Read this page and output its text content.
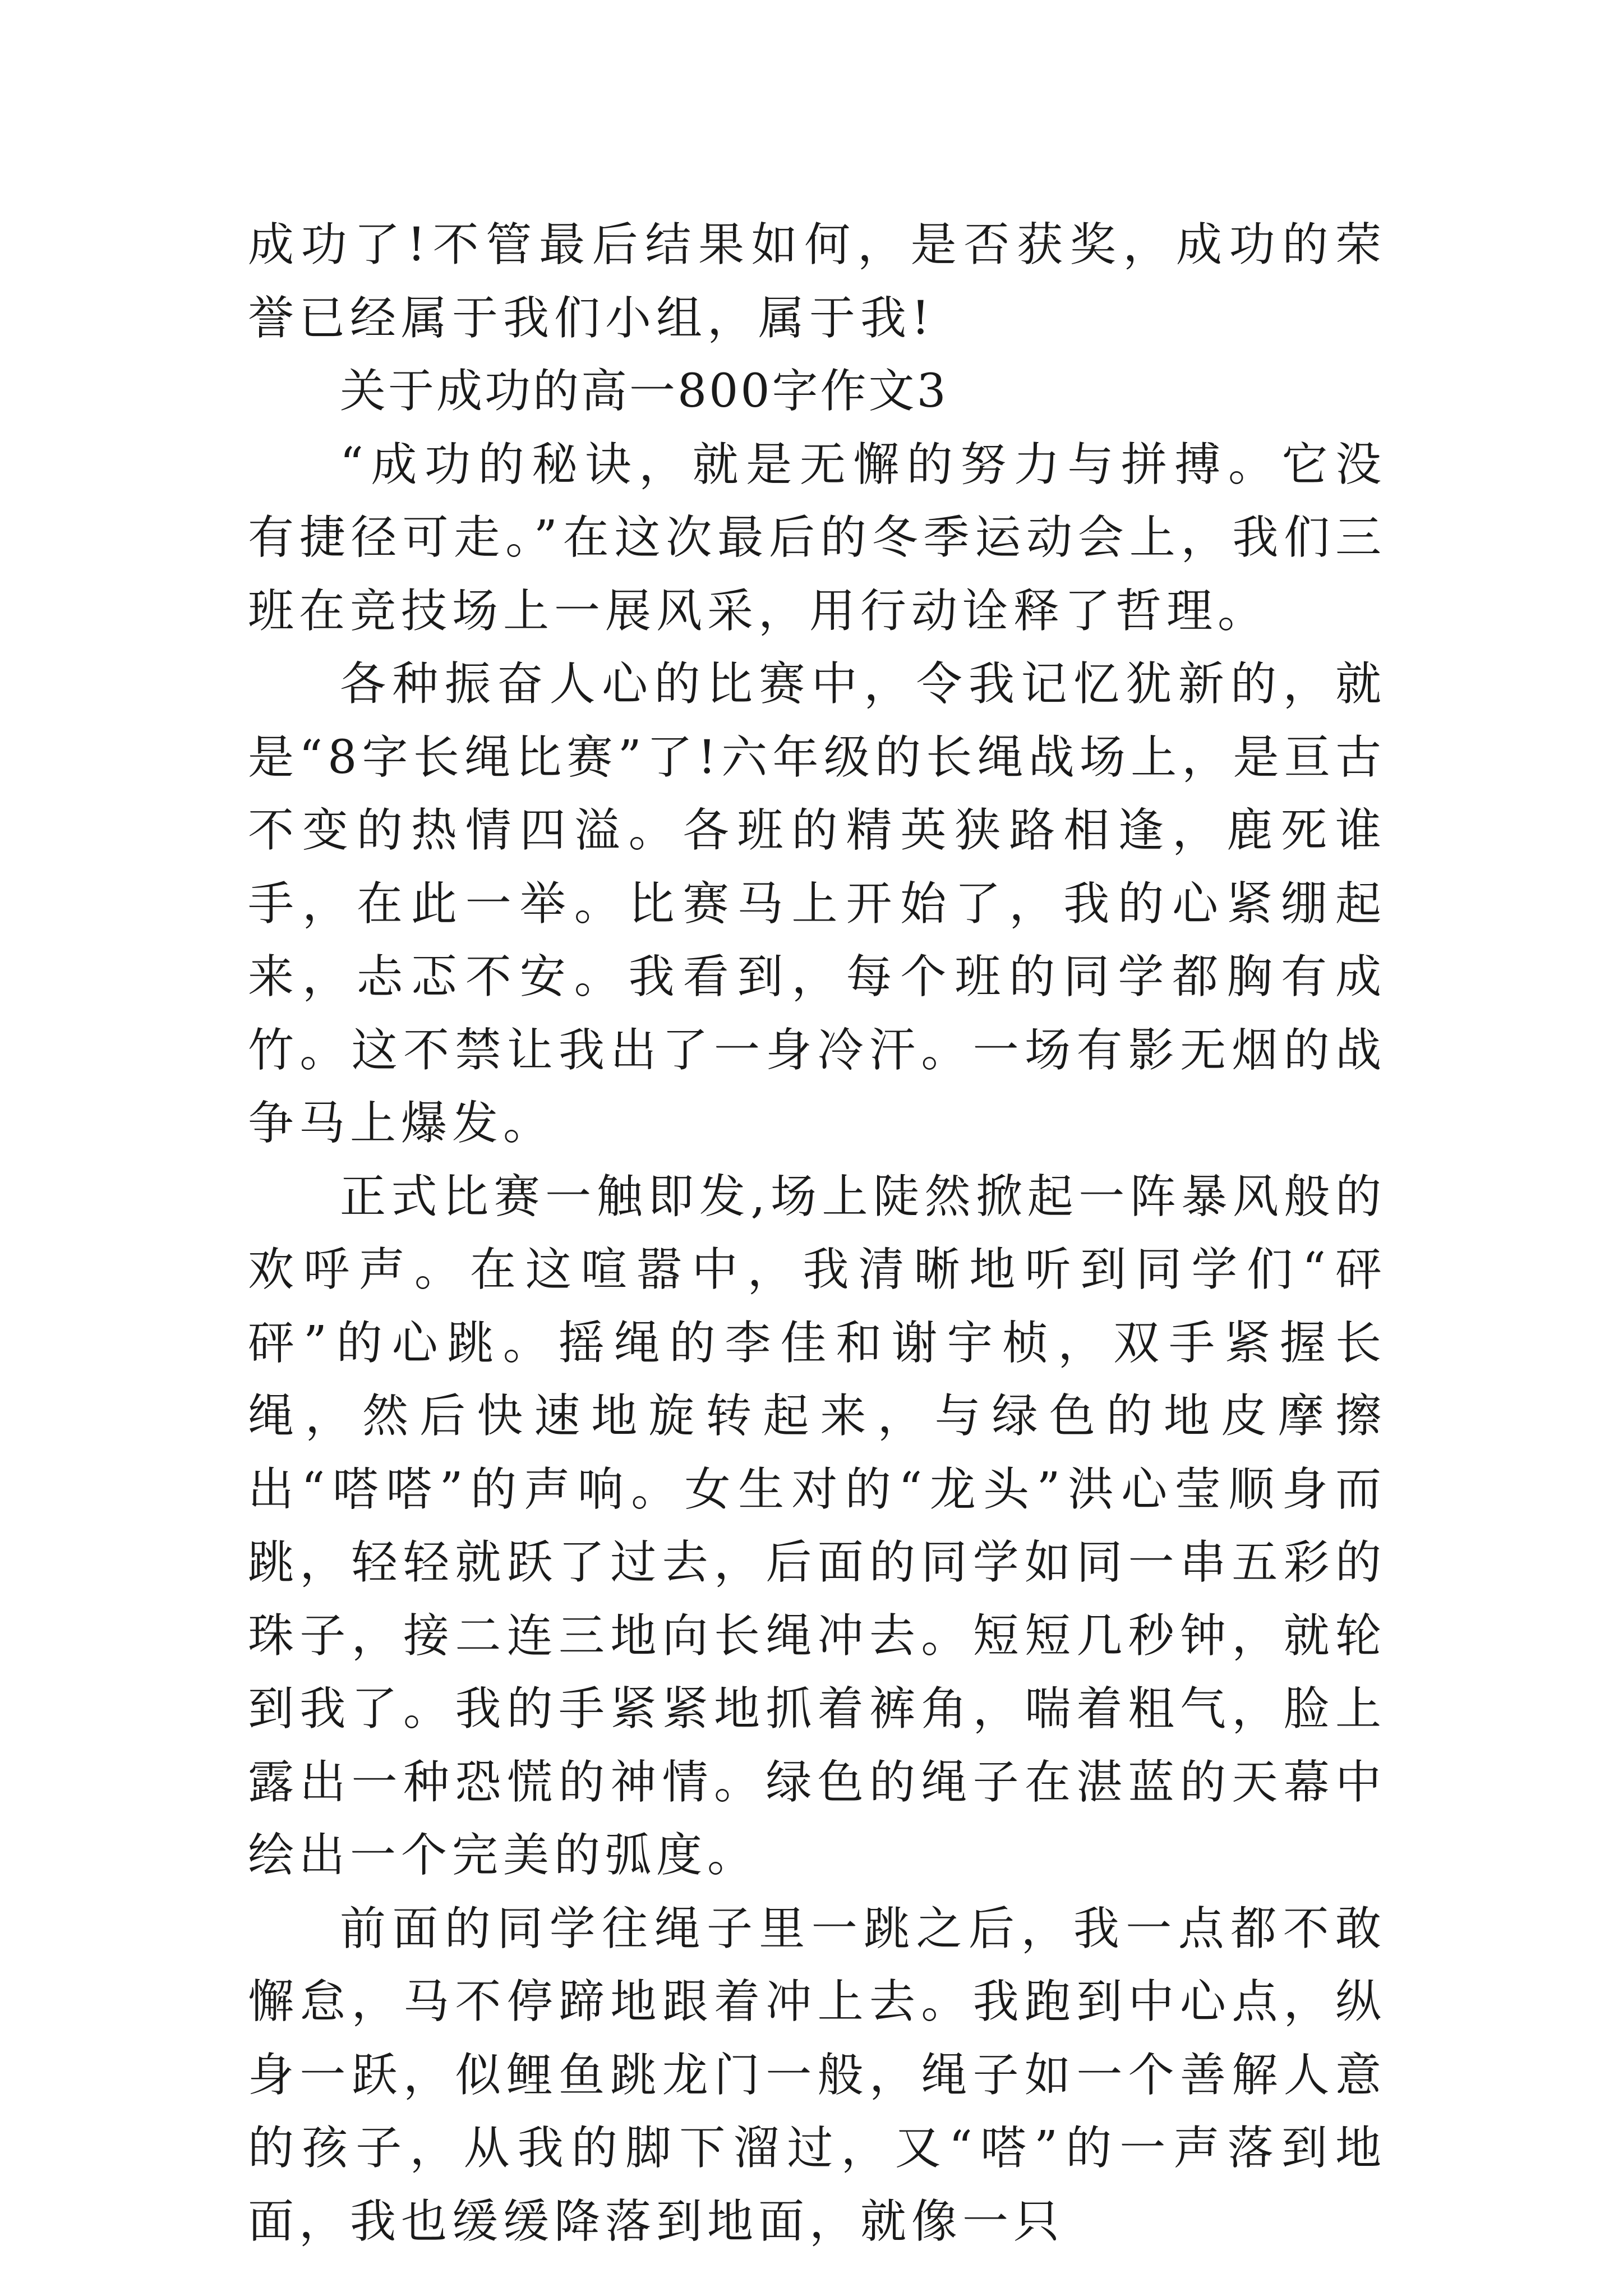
成功了!不管最后结果如何，是否获奖，成功的荣誉已经属于我们小组，属于我!

关于成功的高一800字作文3

“成功的秘诀，就是无懈的努力与拼搏。它没有捷径可走。”在这次最后的冬季运动会上，我们三班在竞技场上一展风采，用行动诠释了哲理。

各种振奋人心的比赛中，令我记忆犹新的，就是“8字长绳比赛”了!六年级的长绳战场上，是亘古不变的热情四溢。各班的精英狭路相逢，鹿死谁手，在此一举。比赛马上开始了，我的心紧绷起来，忐忑不安。我看到，每个班的同学都胸有成竹。这不禁让我出了一身冷汗。一场有影无烟的战争马上爆发。

正式比赛一触即发,场上陡然掀起一阵暴风般的欢呼声。在这喧嚣中，我清晰地听到同学们“砰砰”的心跳。摇绳的李佳和谢宇桢，双手紧握长绳，然后快速地旋转起来，与绿色的地皮摩擦出“嗒嗒”的声响。女生对的“龙头”洪心莹顺身而跳，轻轻就跃了过去，后面的同学如同一串五彩的珠子，接二连三地向长绳冲去。短短几秒钟，就轮到我了。我的手紧紧地抓着裤角，喘着粗气，脸上露出一种恐慌的神情。绿色的绳子在湛蓝的天幕中绘出一个完美的弧度。

前面的同学往绳子里一跳之后，我一点都不敢懈怠，马不停蹄地跟着冲上去。我跑到中心点，纵身一跃，似鲤鱼跳龙门一般，绳子如一个善解人意的孩子，从我的脚下溜过，又“嗒”的一声落到地面，我也缓缓降落到地面，就像一只
